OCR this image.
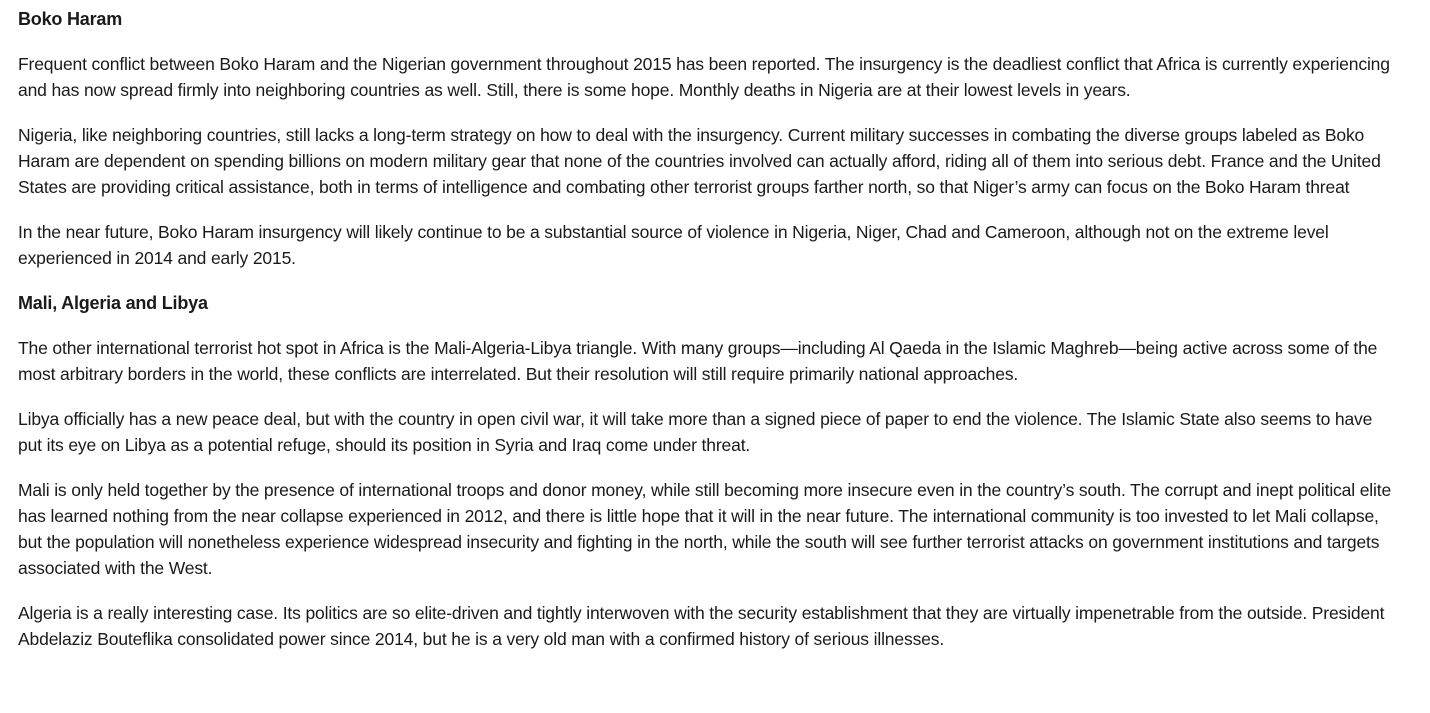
Boko Haram

Frequent conflict between Boko Haram and the Nigerian government throughout 2015 has been reported. The insurgency is the deadliest conflict that Africa is currently experiencing and has now spread firmly into neighboring countries as well. Still, there is some hope. Monthly deaths in Nigeria are at their lowest levels in years.

Nigeria, like neighboring countries, still lacks a long-term strategy on how to deal with the insurgency. Current military successes in combating the diverse groups labeled as Boko Haram are dependent on spending billions on modern military gear that none of the countries involved can actually afford, riding all of them into serious debt. France and the United States are providing critical assistance, both in terms of intelligence and combating other terrorist groups farther north, so that Niger’s army can focus on the Boko Haram threat

In the near future, Boko Haram insurgency will likely continue to be a substantial source of violence in Nigeria, Niger, Chad and Cameroon, although not on the extreme level experienced in 2014 and early 2015.

Mali, Algeria and Libya

The other international terrorist hot spot in Africa is the Mali-Algeria-Libya triangle. With many groups—including Al Qaeda in the Islamic Maghreb—being active across some of the most arbitrary borders in the world, these conflicts are interrelated. But their resolution will still require primarily national approaches.

Libya officially has a new peace deal, but with the country in open civil war, it will take more than a signed piece of paper to end the violence. The Islamic State also seems to have put its eye on Libya as a potential refuge, should its position in Syria and Iraq come under threat.

Mali is only held together by the presence of international troops and donor money, while still becoming more insecure even in the country’s south. The corrupt and inept political elite has learned nothing from the near collapse experienced in 2012, and there is little hope that it will in the near future. The international community is too invested to let Mali collapse, but the population will nonetheless experience widespread insecurity and fighting in the north, while the south will see further terrorist attacks on government institutions and targets associated with the West.

Algeria is a really interesting case. Its politics are so elite-driven and tightly interwoven with the security establishment that they are virtually impenetrable from the outside. President Abdelaziz Bouteflika consolidated power since 2014, but he is a very old man with a confirmed history of serious illnesses.
